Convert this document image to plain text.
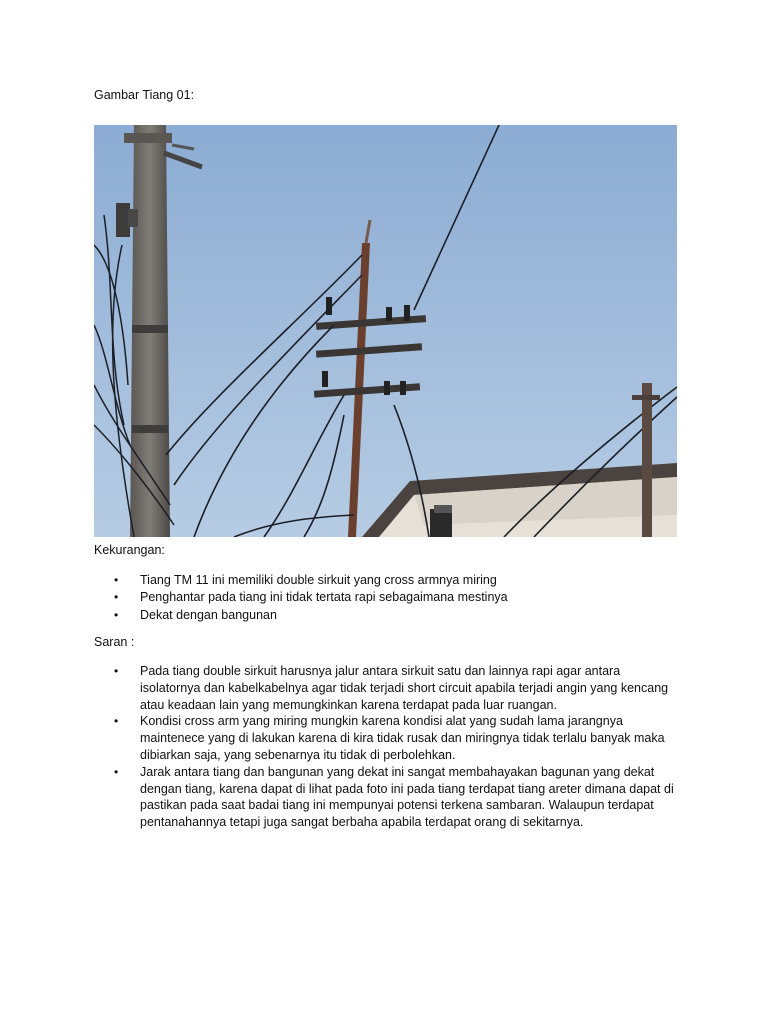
Gambar Tiang 01:
Kekurangan:
• Tiang TM 11 ini memiliki double sirkuit yang cross armnya miring
• Penghantar pada tiang ini tidak tertata rapi sebagaimana mestinya
• Dekat dengan bangunan
Saran :
• Pada tiang double sirkuit harusnya jalur antara sirkuit satu dan lainnya rapi agar antara isolatornya dan kabelkabelnya agar tidak terjadi short circuit apabila terjadi angin yang kencang atau keadaan lain yang memungkinkan karena terdapat pada luar ruangan.
• Kondisi cross arm yang miring mungkin karena kondisi alat yang sudah lama jarangnya maintenece yang di lakukan karena di kira tidak rusak dan miringnya tidak terlalu banyak maka dibiarkan saja, yang sebenarnya itu tidak di perbolehkan.
• Jarak antara tiang dan bangunan yang dekat ini sangat membahayakan bagunan yang dekat dengan tiang, karena dapat di lihat pada foto ini pada tiang terdapat tiang areter dimana dapat di pastikan pada saat badai tiang ini mempunyai potensi terkena sambaran. Walaupun terdapat pentanahannya tetapi juga sangat berbaha apabila terdapat orang di sekitarnya.
